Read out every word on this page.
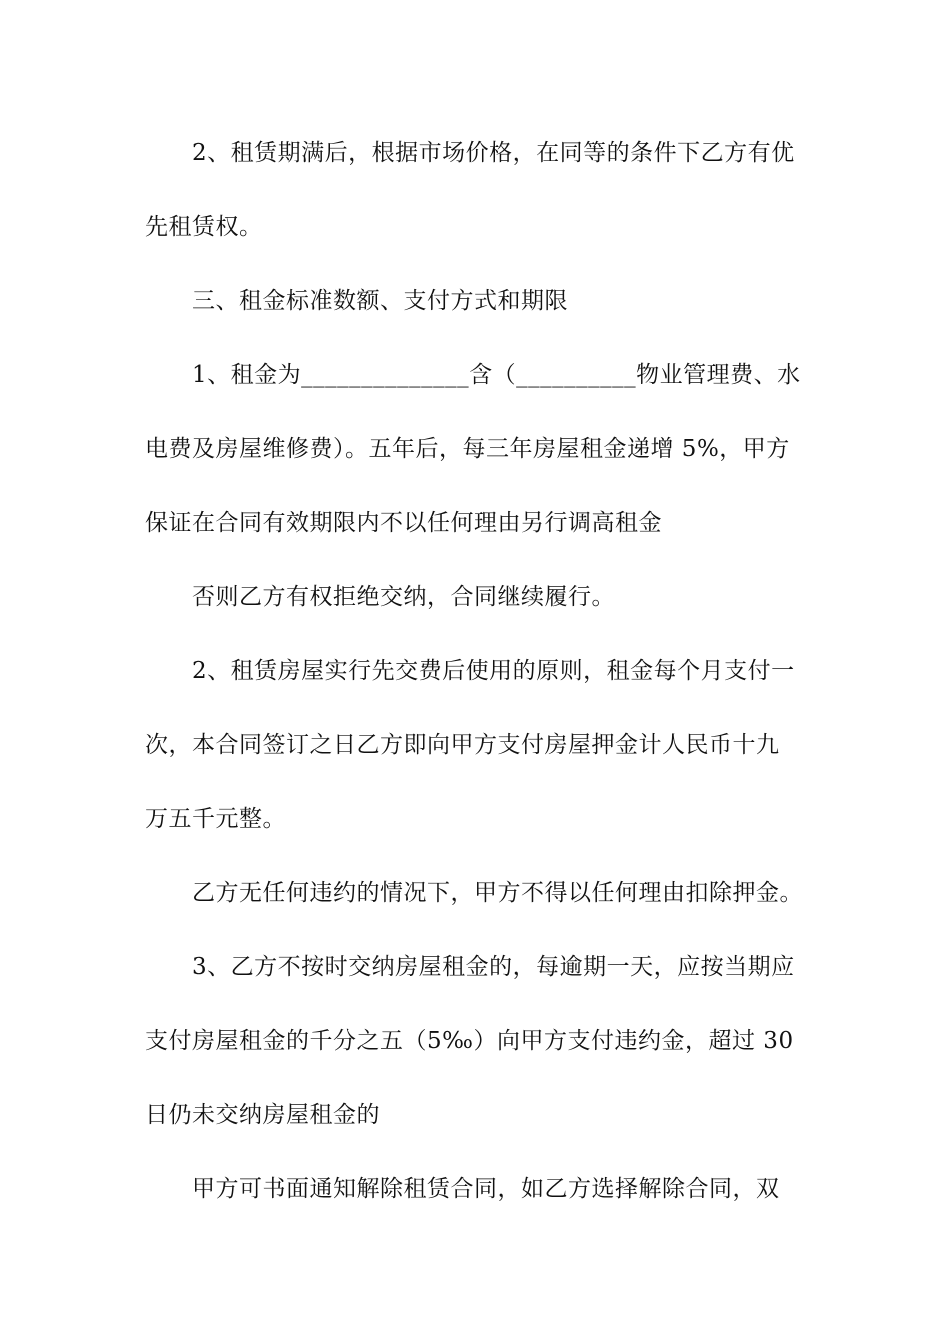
2、租赁期满后，根据市场价格，在同等的条件下乙方有优
先租赁权。
三、租金标准数额、支付方式和期限
1、租金为______________含（__________物业管理费、水
电费及房屋维修费）。五年后，每三年房屋租金递增 5%，甲方
保证在合同有效期限内不以任何理由另行调高租金
否则乙方有权拒绝交纳，合同继续履行。
2、租赁房屋实行先交费后使用的原则，租金每个月支付一
次，本合同签订之日乙方即向甲方支付房屋押金计人民币十九
万五千元整。
乙方无任何违约的情况下，甲方不得以任何理由扣除押金。
3、乙方不按时交纳房屋租金的，每逾期一天，应按当期应
支付房屋租金的千分之五（5‰）向甲方支付违约金，超过 30
日仍未交纳房屋租金的
甲方可书面通知解除租赁合同，如乙方选择解除合同，双
